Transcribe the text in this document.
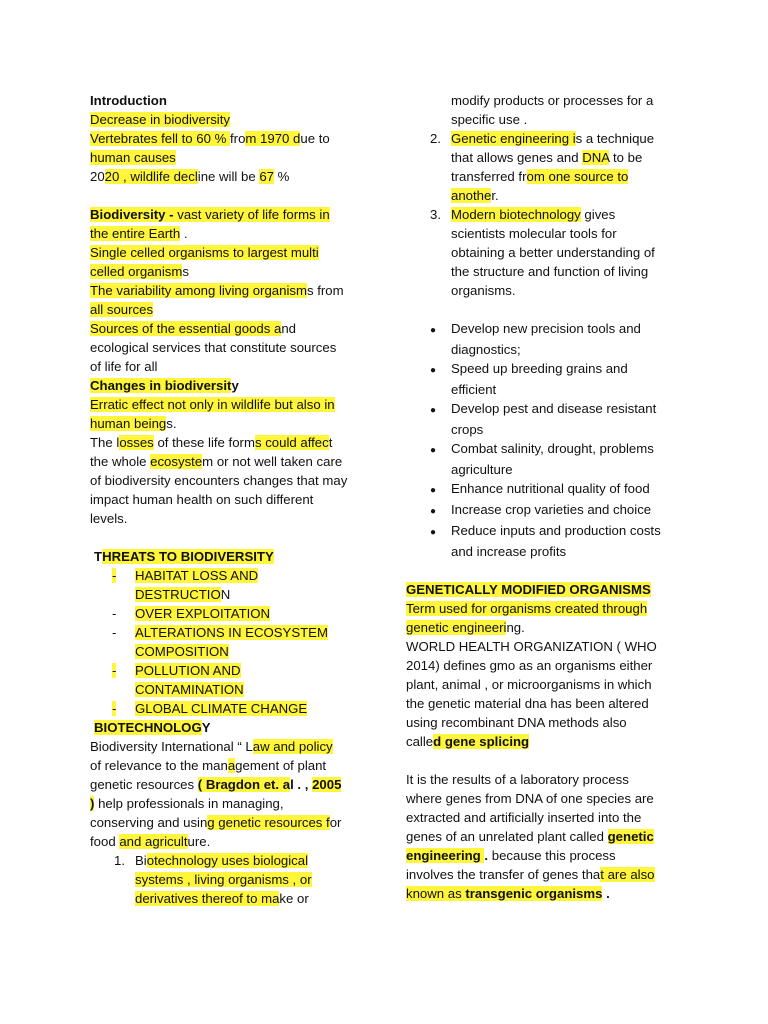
Introduction
Decrease in biodiversity
Vertebrates fell to 60 % from 1970 due to
human causes
2020 , wildlife decline will be 67 %
Biodiversity - vast variety of life forms in
the entire Earth .
Single celled organisms to largest multi
celled organisms
The variability among living organisms from
all sources
Sources of the essential goods and
ecological services that constitute sources
of life for all
Changes in biodiversity
Erratic effect not only in wildlife but also in
human beings.
The losses of these life forms could affect
the whole ecosystem or not well taken care
of biodiversity encounters changes that may
impact human health on such different
levels.
THREATS TO BIODIVERSITY
- HABITAT LOSS AND
DESTRUCTION
- OVER EXPLOITATION
- ALTERATIONS IN ECOSYSTEM
COMPOSITION
- POLLUTION AND
CONTAMINATION
- GLOBAL CLIMATE CHANGE
BIOTECHNOLOGY
Biodiversity International “ Law and policy
of relevance to the management of plant
genetic resources ( Bragdon et. al . , 2005
) help professionals in managing,
conserving and using genetic resources for
food and agriculture.
1. Biotechnology uses biological
systems , living organisms , or
derivatives thereof to make or
modify products or processes for a
specific use .
2. Genetic engineering is a technique
that allows genes and DNA to be
transferred from one source to
another.
3. Modern biotechnology gives
scientists molecular tools for
obtaining a better understanding of
the structure and function of living
organisms.
● Develop new precision tools and
diagnostics;
● Speed up breeding grains and
efficient
● Develop pest and disease resistant
crops
● Combat salinity, drought, problems
agriculture
● Enhance nutritional quality of food
● Increase crop varieties and choice
● Reduce inputs and production costs
and increase profits
GENETICALLY MODIFIED ORGANISMS
Term used for organisms created through
genetic engineering.
WORLD HEALTH ORGANIZATION ( WHO
2014) defines gmo as an organisms either
plant, animal , or microorganisms in which
the genetic material dna has been altered
using recombinant DNA methods also
called gene splicing
It is the results of a laboratory process
where genes from DNA of one species are
extracted and artificially inserted into the
genes of an unrelated plant called genetic
engineering . because this process
involves the transfer of genes that are also
known as transgenic organisms .
